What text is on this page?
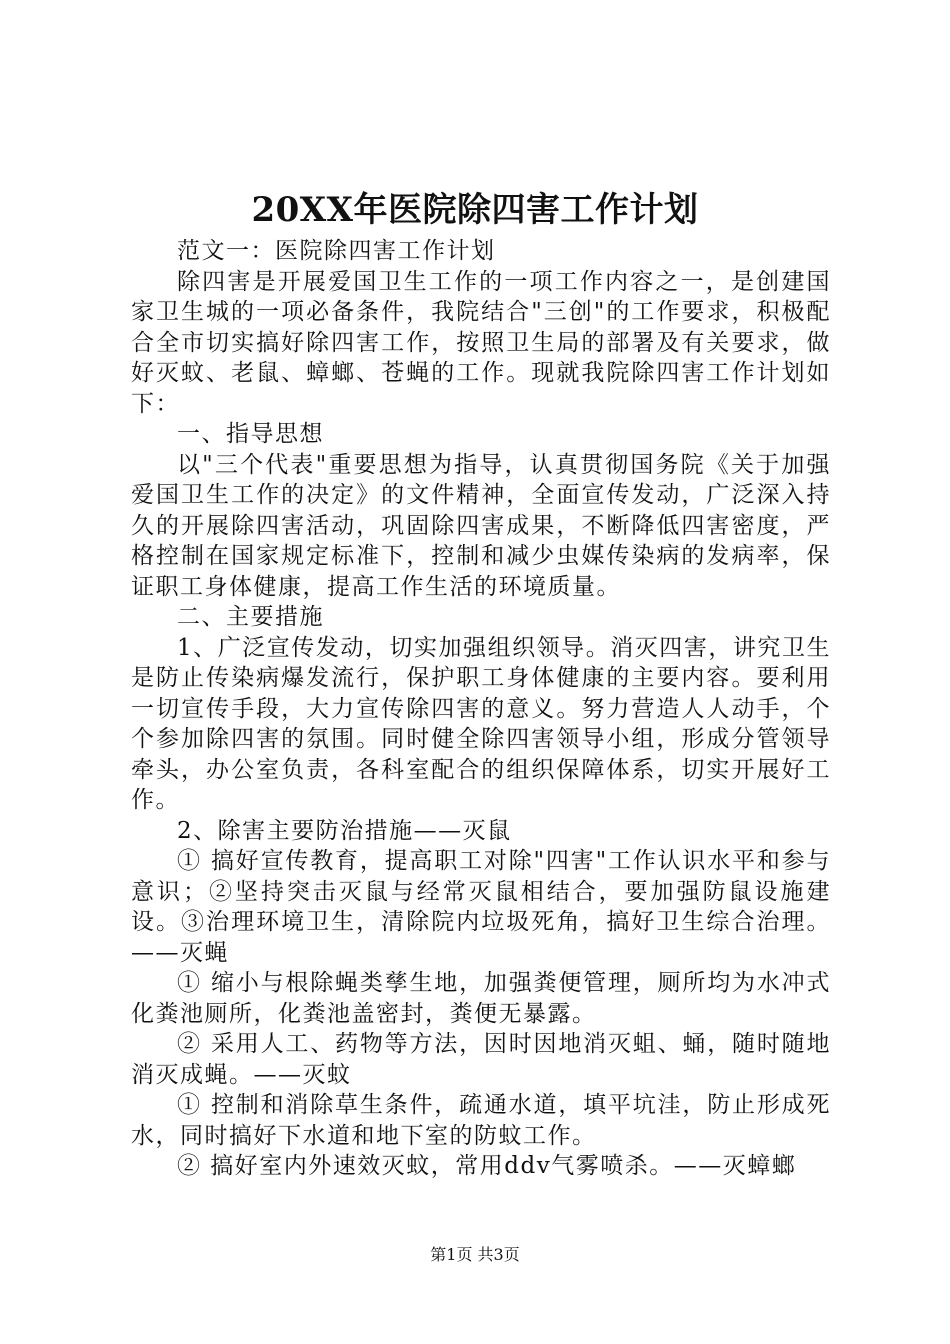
20XX年医院除四害工作计划

范文一：医院除四害工作计划

除四害是开展爱国卫生工作的一项工作内容之一，是创建国家卫生城的一项必备条件，我院结合"三创"的工作要求，积极配合全市切实搞好除四害工作，按照卫生局的部署及有关要求，做好灭蚊、老鼠、蟑螂、苍蝇的工作。现就我院除四害工作计划如下：

一、指导思想

以"三个代表"重要思想为指导，认真贯彻国务院《关于加强爱国卫生工作的决定》的文件精神，全面宣传发动，广泛深入持久的开展除四害活动，巩固除四害成果，不断降低四害密度，严格控制在国家规定标准下，控制和减少虫媒传染病的发病率，保证职工身体健康，提高工作生活的环境质量。

二、主要措施

1、广泛宣传发动，切实加强组织领导。消灭四害，讲究卫生是防止传染病爆发流行，保护职工身体健康的主要内容。要利用一切宣传手段，大力宣传除四害的意义。努力营造人人动手，个个参加除四害的氛围。同时健全除四害领导小组，形成分管领导牵头，办公室负责，各科室配合的组织保障体系，切实开展好工作。

2、除害主要防治措施——灭鼠

① 搞好宣传教育，提高职工对除"四害"工作认识水平和参与意识；②坚持突击灭鼠与经常灭鼠相结合，要加强防鼠设施建设。③治理环境卫生，清除院内垃圾死角，搞好卫生综合治理。——灭蝇

① 缩小与根除蝇类孳生地，加强粪便管理，厕所均为水冲式化粪池厕所，化粪池盖密封，粪便无暴露。

② 采用人工、药物等方法，因时因地消灭蛆、蛹，随时随地消灭成蝇。——灭蚊

① 控制和消除草生条件，疏通水道，填平坑洼，防止形成死水，同时搞好下水道和地下室的防蚊工作。

② 搞好室内外速效灭蚊，常用ddv气雾喷杀。——灭蟑螂

第1页 共3页
